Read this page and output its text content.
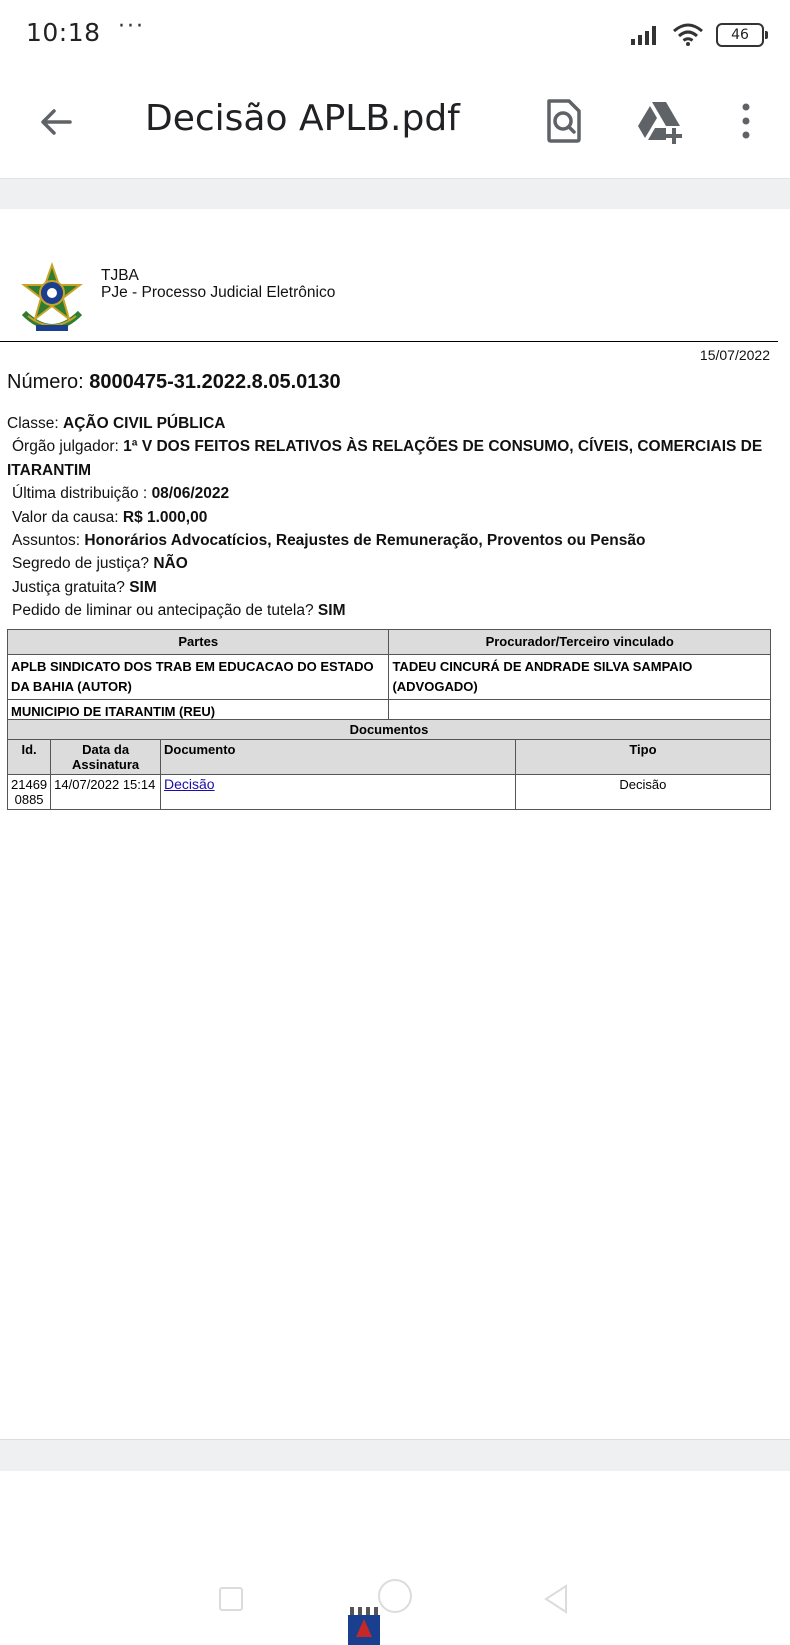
10:18 ···	46
Decisão APLB.pdf
TJBA
PJe - Processo Judicial Eletrônico
15/07/2022
Número: 8000475-31.2022.8.05.0130
Classe: AÇÃO CIVIL PÚBLICA
Órgão julgador: 1ª V DOS FEITOS RELATIVOS ÀS RELAÇÕES DE CONSUMO, CÍVEIS, COMERCIAIS DE ITARANTIM
Última distribuição : 08/06/2022
Valor da causa: R$ 1.000,00
Assuntos: Honorários Advocatícios, Reajustes de Remuneração, Proventos ou Pensão
Segredo de justiça? NÃO
Justiça gratuita? SIM
Pedido de liminar ou antecipação de tutela? SIM
Partes	Procurador/Terceiro vinculado
APLB SINDICATO DOS TRAB EM EDUCACAO DO ESTADO DA BAHIA (AUTOR)	TADEU CINCURÁ DE ANDRADE SILVA SAMPAIO (ADVOGADO)
MUNICIPIO DE ITARANTIM (REU)	
Documentos			
Id.	Data da Assinatura	Documento	Tipo
21469 0885	14/07/2022 15:14	Decisão	Decisão
